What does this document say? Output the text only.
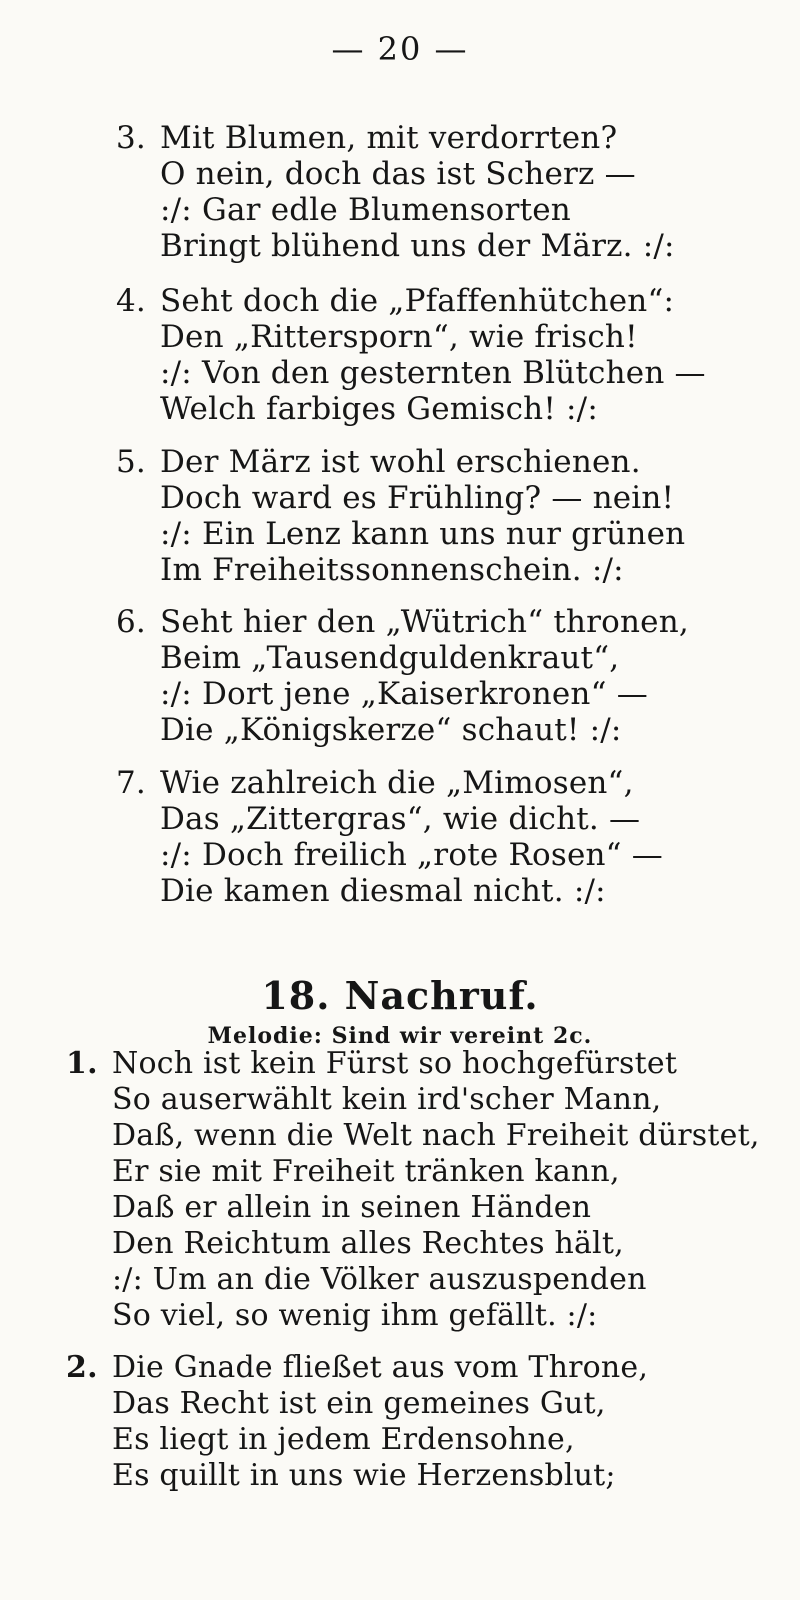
— 20 —
3. Mit Blumen, mit verdorrten?
O nein, doch das ist Scherz —
:/: Gar edle Blumensorten
Bringt blühend uns der März. :/:
4. Seht doch die „Pfaffenhütchen“:
Den „Rittersporn“, wie frisch!
:/: Von den gesternten Blütchen —
Welch farbiges Gemisch! :/:
5. Der März ist wohl erschienen.
Doch ward es Frühling? — nein!
:/: Ein Lenz kann uns nur grünen
Im Freiheitssonnenschein. :/:
6. Seht hier den „Wütrich“ thronen,
Beim „Tausendguldenkraut“,
:/: Dort jene „Kaiserkronen“ —
Die „Königskerze“ schaut! :/:
7. Wie zahlreich die „Mimosen“,
Das „Zittergras“, wie dicht. —
:/: Doch freilich „rote Rosen“ —
Die kamen diesmal nicht. :/:
18. Nachruf.
Melodie: Sind wir vereint 2c.
1. Noch ist kein Fürst so hochgefürstet
So auserwählt kein ird'scher Mann,
Daß, wenn die Welt nach Freiheit dürstet,
Er sie mit Freiheit tränken kann,
Daß er allein in seinen Händen
Den Reichtum alles Rechtes hält,
:/: Um an die Völker auszuspenden
So viel, so wenig ihm gefällt. :/:
2. Die Gnade fließet aus vom Throne,
Das Recht ist ein gemeines Gut,
Es liegt in jedem Erdensohne,
Es quillt in uns wie Herzensblut;
